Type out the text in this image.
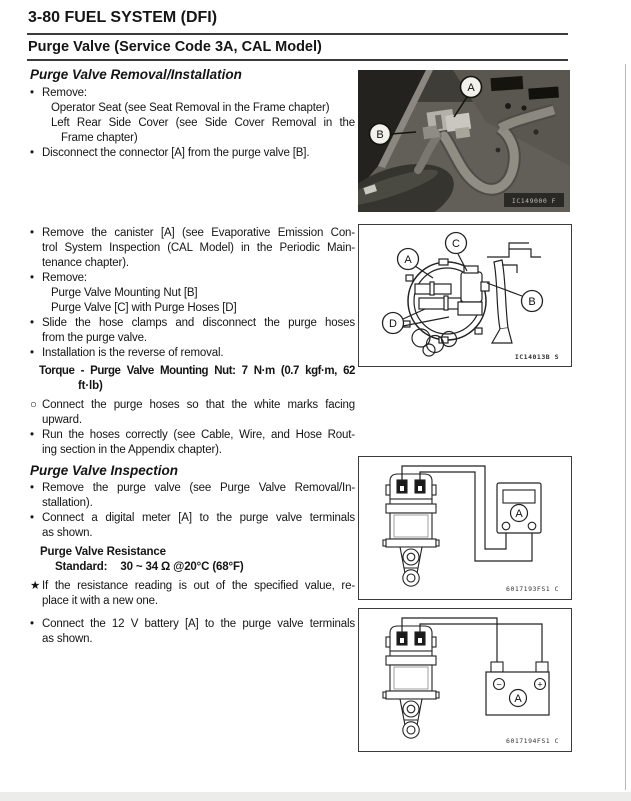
3-80 FUEL SYSTEM (DFI)
Purge Valve (Service Code 3A, CAL Model)
Purge Valve Removal/Installation
• Remove:
Operator Seat (see Seat Removal in the Frame chapter)
Left Rear Side Cover (see Side Cover Removal in the
Frame chapter)
• Disconnect the connector [A] from the purge valve [B].
• Remove the canister [A] (see Evaporative Emission Con-
trol System Inspection (CAL Model) in the Periodic Main-
tenance chapter).
• Remove:
Purge Valve Mounting Nut [B]
Purge Valve [C] with Purge Hoses [D]
• Slide the hose clamps and disconnect the purge hoses
from the purge valve.
• Installation is the reverse of removal.
Torque - Purge Valve Mounting Nut: 7 N·m (0.7 kgf·m, 62
ft·lb)
○ Connect the purge hoses so that the white marks facing
upward.
• Run the hoses correctly (see Cable, Wire, and Hose Rout-
ing section in the Appendix chapter).
Purge Valve Inspection
• Remove the purge valve (see Purge Valve Removal/In-
stallation).
• Connect a digital meter [A] to the purge valve terminals
as shown.
Purge Valve Resistance
Standard: 30 ~ 34 Ω @20°C (68°F)
★ If the resistance reading is out of the specified value, re-
place it with a new one.
• Connect the 12 V battery [A] to the purge valve terminals
as shown.
IC149000 F
A
B
A
C
B
D
IC14013B S
A
6017193FS1 C
−	+
A
6017194FS1 C
